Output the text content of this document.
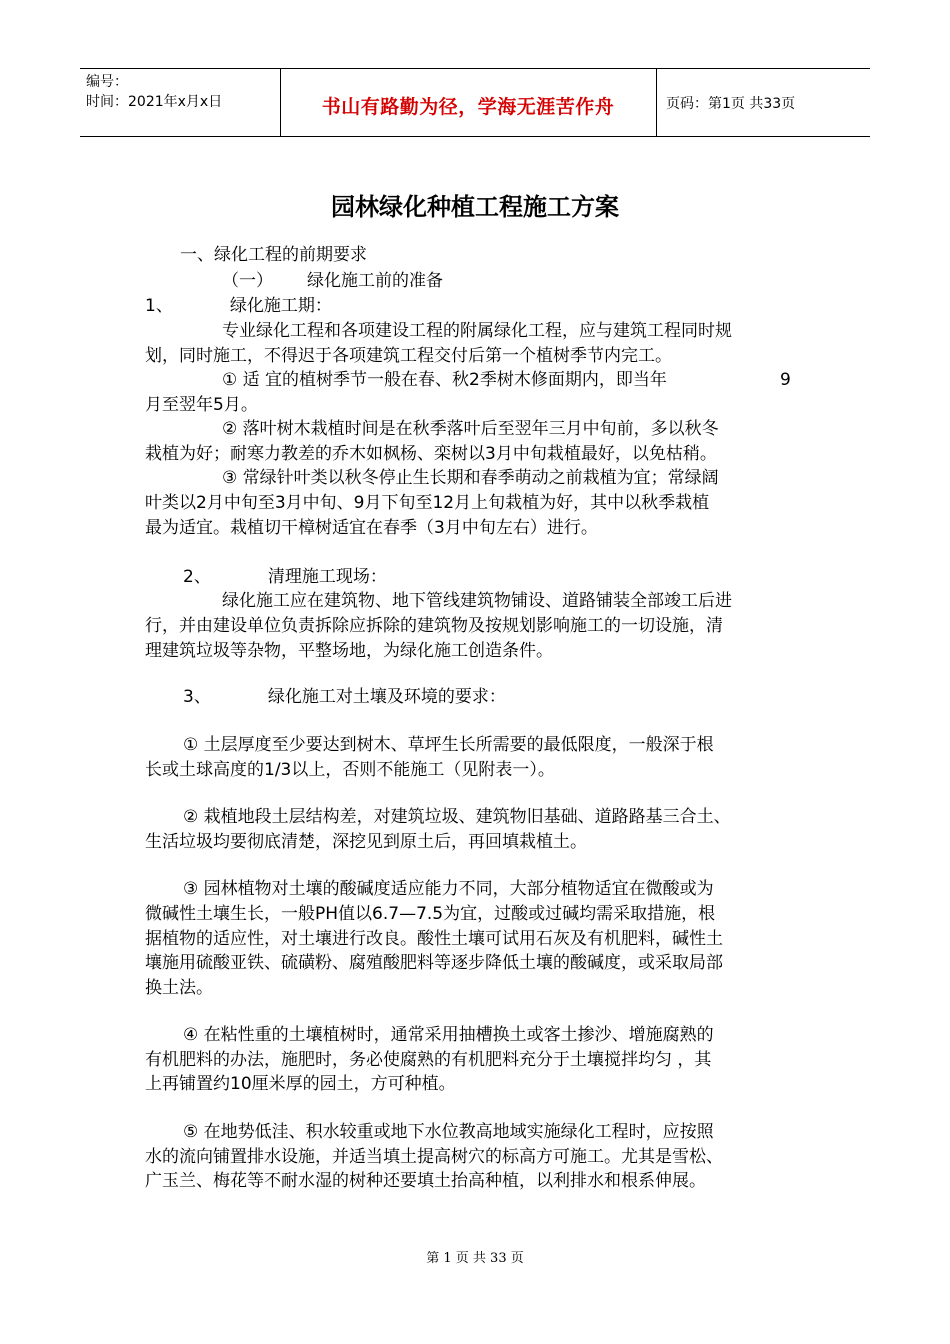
编号：
时间：2021年x月x日	书山有路勤为径，学海无涯苦作舟	页码：第1页 共33页
园林绿化种植工程施工方案
一、绿化工程的前期要求
（一） 绿化施工前的准备
1、	绿化施工期：
专业绿化工程和各项建设工程的附属绿化工程，应与建筑工程同时规
划，同时施工，不得迟于各项建筑工程交付后第一个植树季节内完工。
① 适 宜的植树季节一般在春、秋2季树木修面期内，即当年	9
月至翌年5月。
② 落叶树木栽植时间是在秋季落叶后至翌年三月中旬前，多以秋冬
栽植为好；耐寒力教差的乔木如枫杨、栾树以3月中旬栽植最好，以免枯稍。
③ 常绿针叶类以秋冬停止生长期和春季萌动之前栽植为宜；常绿阔
叶类以2月中旬至3月中旬、9月下旬至12月上旬栽植为好，其中以秋季栽植
最为适宜。栽植切干樟树适宜在春季（3月中旬左右）进行。
2、	清理施工现场：
绿化施工应在建筑物、地下管线建筑物铺设、道路铺装全部竣工后进
行，并由建设单位负责拆除应拆除的建筑物及按规划影响施工的一切设施，清
理建筑垃圾等杂物，平整场地，为绿化施工创造条件。
3、	绿化施工对土壤及环境的要求：
① 土层厚度至少要达到树木、草坪生长所需要的最低限度，一般深于根
长或土球高度的1/3以上，否则不能施工（见附表一）。
② 栽植地段土层结构差，对建筑垃圾、建筑物旧基础、道路路基三合土、
生活垃圾均要彻底清楚，深挖见到原土后，再回填栽植土。
③ 园林植物对土壤的酸碱度适应能力不同，大部分植物适宜在微酸或为
微碱性土壤生长，一般PH值以6.7—7.5为宜，过酸或过碱均需采取措施，根
据植物的适应性，对土壤进行改良。酸性土壤可试用石灰及有机肥料，碱性土
壤施用硫酸亚铁、硫磺粉、腐殖酸肥料等逐步降低土壤的酸碱度，或采取局部
换土法。
④ 在粘性重的土壤植树时，通常采用抽槽换土或客土掺沙、增施腐熟的
有机肥料的办法，施肥时，务必使腐熟的有机肥料充分于土壤搅拌均匀 ，其
上再铺置约10厘米厚的园土，方可种植。
⑤ 在地势低洼、积水较重或地下水位教高地域实施绿化工程时，应按照
水的流向铺置排水设施，并适当填土提高树穴的标高方可施工。尤其是雪松、
广玉兰、梅花等不耐水湿的树种还要填土抬高种植，以利排水和根系伸展。
第 1 页 共 33 页
